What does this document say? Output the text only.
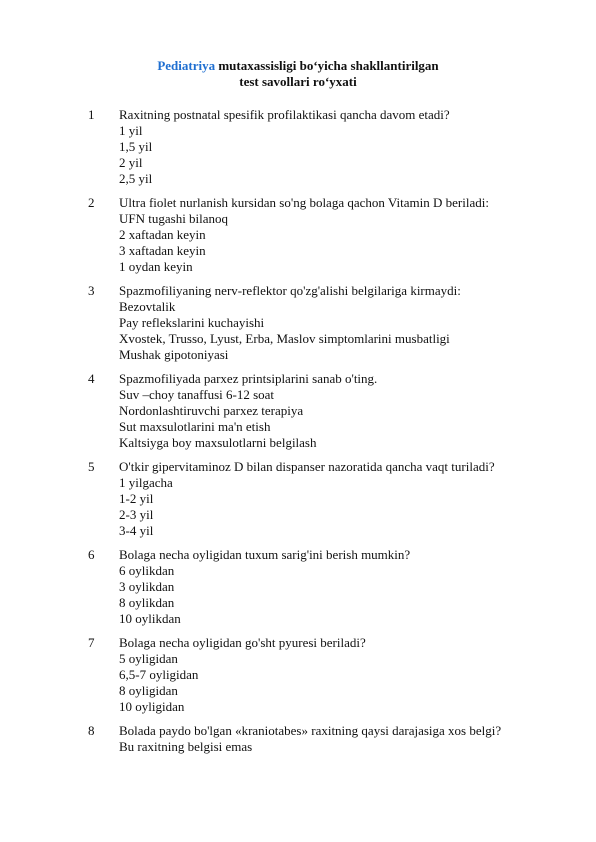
Pediatriya mutaxassisligi bo‘yicha shakllantirilgan
test savollari ro‘yxati
1	Raxitning postnatal spesifik profilaktikasi qancha davom etadi?
1 yil
1,5 yil
2 yil
2,5 yil
2	Ultra fiolet nurlanish kursidan so'ng bolaga qachon Vitamin D beriladi:
UFN tugashi bilanoq
2 xaftadan keyin
3 xaftadan keyin
1 oydan keyin
3	Spazmofiliyaning nerv-reflektor qo'zg'alishi belgilariga kirmaydi:
Bezovtalik
Pay reflekslarini kuchayishi
Xvostek, Trusso, Lyust, Erba, Maslov simptomlarini musbatligi
Mushak gipotoniyasi
4	Spazmofiliyada parxez printsiplarini sanab o'ting.
Suv –choy tanaffusi 6-12 soat
Nordonlashtiruvchi parxez terapiya
Sut maxsulotlarini ma'n etish
Kaltsiyga boy maxsulotlarni belgilash
5	O'tkir gipervitaminoz D bilan dispanser nazoratida qancha vaqt turiladi?
1 yilgacha
1-2 yil
2-3 yil
3-4 yil
6	Bolaga necha oyligidan tuxum sarig'ini berish mumkin?
6 oylikdan
3 oylikdan
8 oylikdan
10 oylikdan
7	Bolaga necha oyligidan go'sht pyuresi beriladi?
5 oyligidan
6,5-7 oyligidan
8 oyligidan
10 oyligidan
8	Bolada paydo bo'lgan «kraniotabes» raxitning qaysi darajasiga xos belgi?
Bu raxitning belgisi emas
